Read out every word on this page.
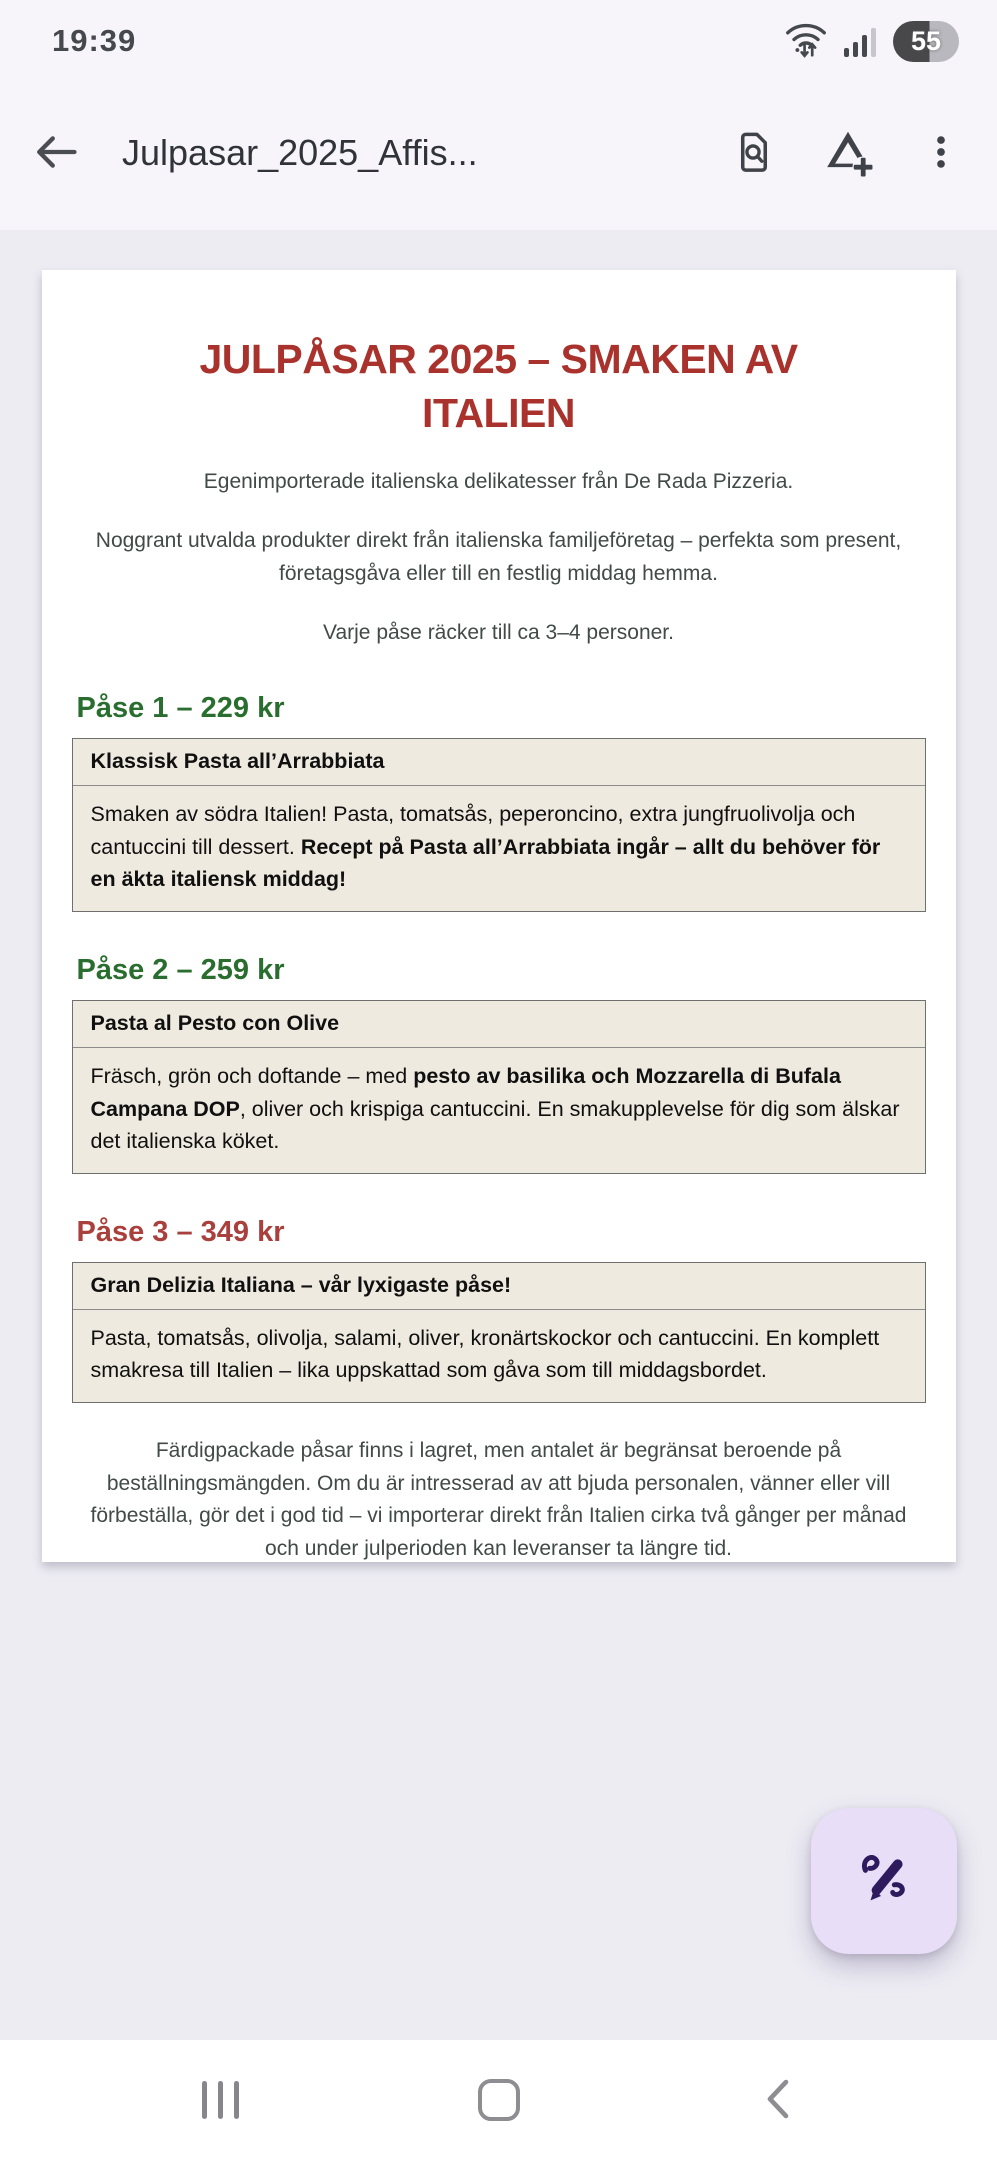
19:39	55
Julpasar_2025_Affis...
JULPÅSAR 2025 – SMAKEN AV ITALIEN

Egenimporterade italienska delikatesser från De Rada Pizzeria.

Noggrant utvalda produkter direkt från italienska familjeföretag – perfekta som present, företagsgåva eller till en festlig middag hemma.

Varje påse räcker till ca 3–4 personer.

Påse 1 – 229 kr
Klassisk Pasta all’Arrabbiata
Smaken av södra Italien! Pasta, tomatsås, peperoncino, extra jungfruolivolja och cantuccini till dessert. Recept på Pasta all’Arrabbiata ingår – allt du behöver för en äkta italiensk middag!
Påse 2 – 259 kr
Pasta al Pesto con Olive
Fräsch, grön och doftande – med pesto av basilika och Mozzarella di Bufala Campana DOP, oliver och krispiga cantuccini. En smakupplevelse för dig som älskar det italienska köket.
Påse 3 – 349 kr
Gran Delizia Italiana – vår lyxigaste påse!
Pasta, tomatsås, olivolja, salami, oliver, kronärtskockor och cantuccini. En komplett smakresa till Italien – lika uppskattad som gåva som till middagsbordet.

Färdigpackade påsar finns i lagret, men antalet är begränsat beroende på beställningsmängden. Om du är intresserad av att bjuda personalen, vänner eller vill förbeställa, gör det i god tid – vi importerar direkt från Italien cirka två gånger per månad och under julperioden kan leveranser ta längre tid.
